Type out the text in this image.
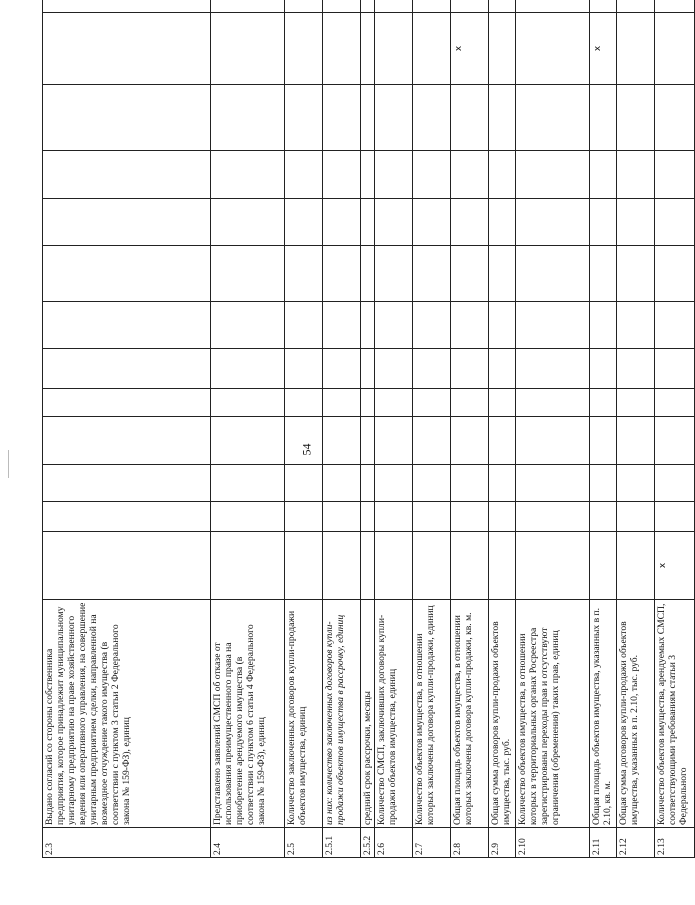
54
2.3	Выдано согласий со стороны собственника предприятия, которое принадлежит муниципальному унитарному предприятию на праве хозяйственного ведения или оперативного управления, на совершение унитарным предприятием сделки, направленной на возмездное отчуждение такого имущества (в соответствии с пунктом 3 статьи 2 Федерального закона № 159-ФЗ), единиц														
2.4	Представлено заявлений СМСП об отказе от использования преимущественного права на приобретение арендуемого имущества (в соответствии с пунктом 6 статьи 4 Федерального закона № 159-ФЗ), единиц														
2.5	Количество заключенных договоров купли-продажи объектов имущества, единиц														
2.5.1	из них: количество заключенных договоров купли-продажи объектов имущества в рассрочку, единиц														
2.5.2	средний срок рассрочки, месяцы														
2.6	Количество СМСП, заключивших договоры купли-продажи объектов имущества, единиц														
2.7	Количество объектов имущества, в отношении которых заключены договора купли-продажи, единиц														
2.8	Общая площадь объектов имущества, в отношении которых заключены договора купли-продажи, кв. м.												x		
2.9	Общая сумма договоров купли-продажи объектов имущества, тыс. руб.														
2.10	Количество объектов имущества, в отношении которых в территориальных органах Росреестра зарегистрированы переходы прав и отсутствуют ограничения (обременения) таких прав, единиц														
2.11	Общая площадь объектов имущества, указанных в п. 2.10, кв. м.												x		
2.12	Общая сумма договоров купли-продажи объектов имущества, указанных в п. 2.10, тыс. руб.														
2.13	Количество объектов имущества, арендуемых СМСП, соответствующими требованиям статьи 3 Федерального	x													
